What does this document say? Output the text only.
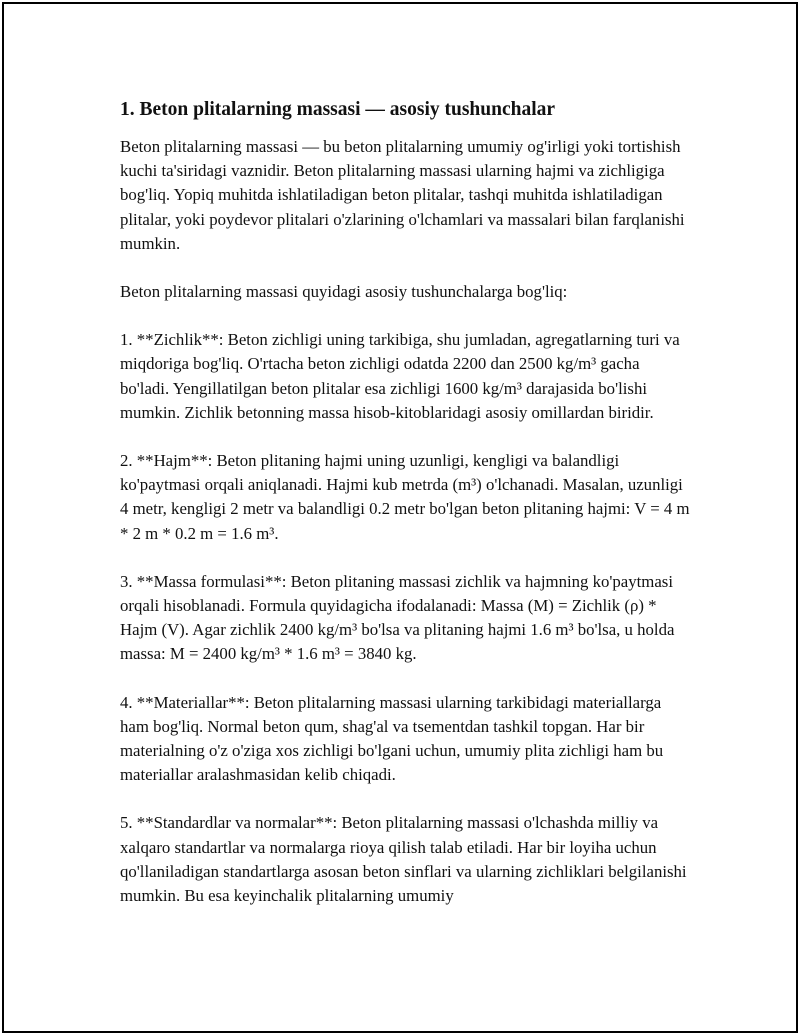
1. Beton plitalarning massasi — asosiy tushunchalar

Beton plitalarning massasi — bu beton plitalarning umumiy og'irligi yoki tortishish kuchi ta'siridagi vaznidir. Beton plitalarning massasi ularning hajmi va zichligiga bog'liq. Yopiq muhitda ishlatiladigan beton plitalar, tashqi muhitda ishlatiladigan plitalar, yoki poydevor plitalari o'zlarining o'lchamlari va massalari bilan farqlanishi mumkin.

Beton plitalarning massasi quyidagi asosiy tushunchalarga bog'liq:

1. **Zichlik**: Beton zichligi uning tarkibiga, shu jumladan, agregatlarning turi va miqdoriga bog'liq. O'rtacha beton zichligi odatda 2200 dan 2500 kg/m³ gacha bo'ladi. Yengillatilgan beton plitalar esa zichligi 1600 kg/m³ darajasida bo'lishi mumkin. Zichlik betonning massa hisob-kitoblaridagi asosiy omillardan biridir.

2. **Hajm**: Beton plitaning hajmi uning uzunligi, kengligi va balandligi ko'paytmasi orqali aniqlanadi. Hajmi kub metrda (m³) o'lchanadi. Masalan, uzunligi 4 metr, kengligi 2 metr va balandligi 0.2 metr bo'lgan beton plitaning hajmi: V = 4 m * 2 m * 0.2 m = 1.6 m³.

3. **Massa formulasi**: Beton plitaning massasi zichlik va hajmning ko'paytmasi orqali hisoblanadi. Formula quyidagicha ifodalanadi: Massa (M) = Zichlik (ρ) * Hajm (V). Agar zichlik 2400 kg/m³ bo'lsa va plitaning hajmi 1.6 m³ bo'lsa, u holda massa: M = 2400 kg/m³ * 1.6 m³ = 3840 kg.

4. **Materiallar**: Beton plitalarning massasi ularning tarkibidagi materiallarga ham bog'liq. Normal beton qum, shag'al va tsementdan tashkil topgan. Har bir materialning o'z o'ziga xos zichligi bo'lgani uchun, umumiy plita zichligi ham bu materiallar aralashmasidan kelib chiqadi.

5. **Standardlar va normalar**: Beton plitalarning massasi o'lchashda milliy va xalqaro standartlar va normalarga rioya qilish talab etiladi. Har bir loyiha uchun qo'llaniladigan standartlarga asosan beton sinflari va ularning zichliklari belgilanishi mumkin. Bu esa keyinchalik plitalarning umumiy
